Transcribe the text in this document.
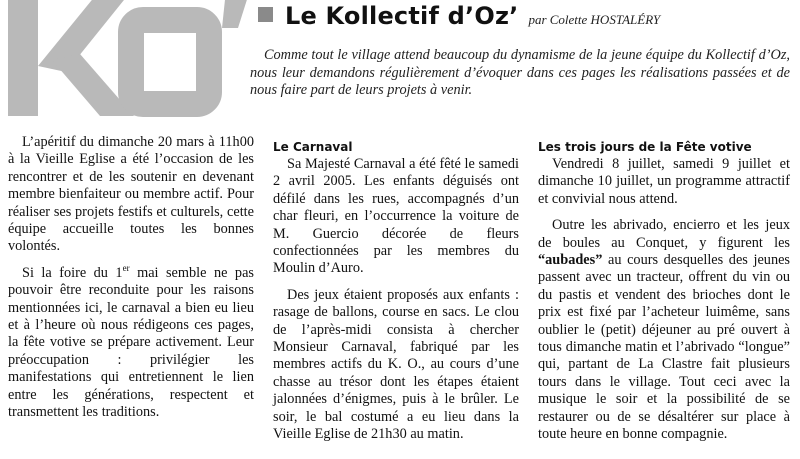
Le Kollectif d’Oz’ par Colette HOSTALÉRY

Comme tout le village attend beaucoup du dynamisme de la jeune équipe du Kollectif d’Oz, nous leur demandons régulièrement d’évoquer dans ces pages les réalisations passées et de nous faire part de leurs projets à venir.

L’apéritif du dimanche 20 mars à 11h00 à la Vieille Eglise a été l’occasion de les rencontrer et de les soutenir en devenant membre bienfaiteur ou membre actif. Pour réaliser ses projets festifs et culturels, cette équipe accueille toutes les bonnes volontés.

Si la foire du 1er mai semble ne pas pouvoir être reconduite pour les raisons mentionnées ici, le carnaval a bien eu lieu et à l’heure où nous rédigeons ces pages, la fête votive se prépare activement. Leur préoccupation : privilégier les manifestations qui entretiennent le lien entre les générations, respectent et transmettent les traditions.

Le Carnaval

Sa Majesté Carnaval a été fêté le samedi 2 avril 2005. Les enfants déguisés ont défilé dans les rues, accompagnés d’un char fleuri, en l’occurrence la voiture de M. Guercio décorée de fleurs confectionnées par les membres du Moulin d’Auro.

Des jeux étaient proposés aux enfants : rasage de ballons, course en sacs. Le clou de l’après-midi consista à chercher Monsieur Carnaval, fabriqué par les membres actifs du K. O., au cours d’une chasse au trésor dont les étapes étaient jalonnées d’énigmes, puis à le brûler. Le soir, le bal costumé a eu lieu dans la Vieille Eglise de 21h30 au matin.

Les trois jours de la Fête votive

Vendredi 8 juillet, samedi 9 juillet et dimanche 10 juillet, un programme attractif et convivial nous attend.

Outre les abrivado, encierro et les jeux de boules au Conquet, y figurent les “aubades” au cours desquelles des jeunes passent avec un tracteur, offrent du vin ou du pastis et vendent des brioches dont le prix est fixé par l’acheteur luimême, sans oublier le (petit) déjeuner au pré ouvert à tous dimanche matin et l’abrivado “longue” qui, partant de La Clastre fait plusieurs tours dans le village. Tout ceci avec la musique le soir et la possibilité de se restaurer ou de se désaltérer sur place à toute heure en bonne compagnie.
